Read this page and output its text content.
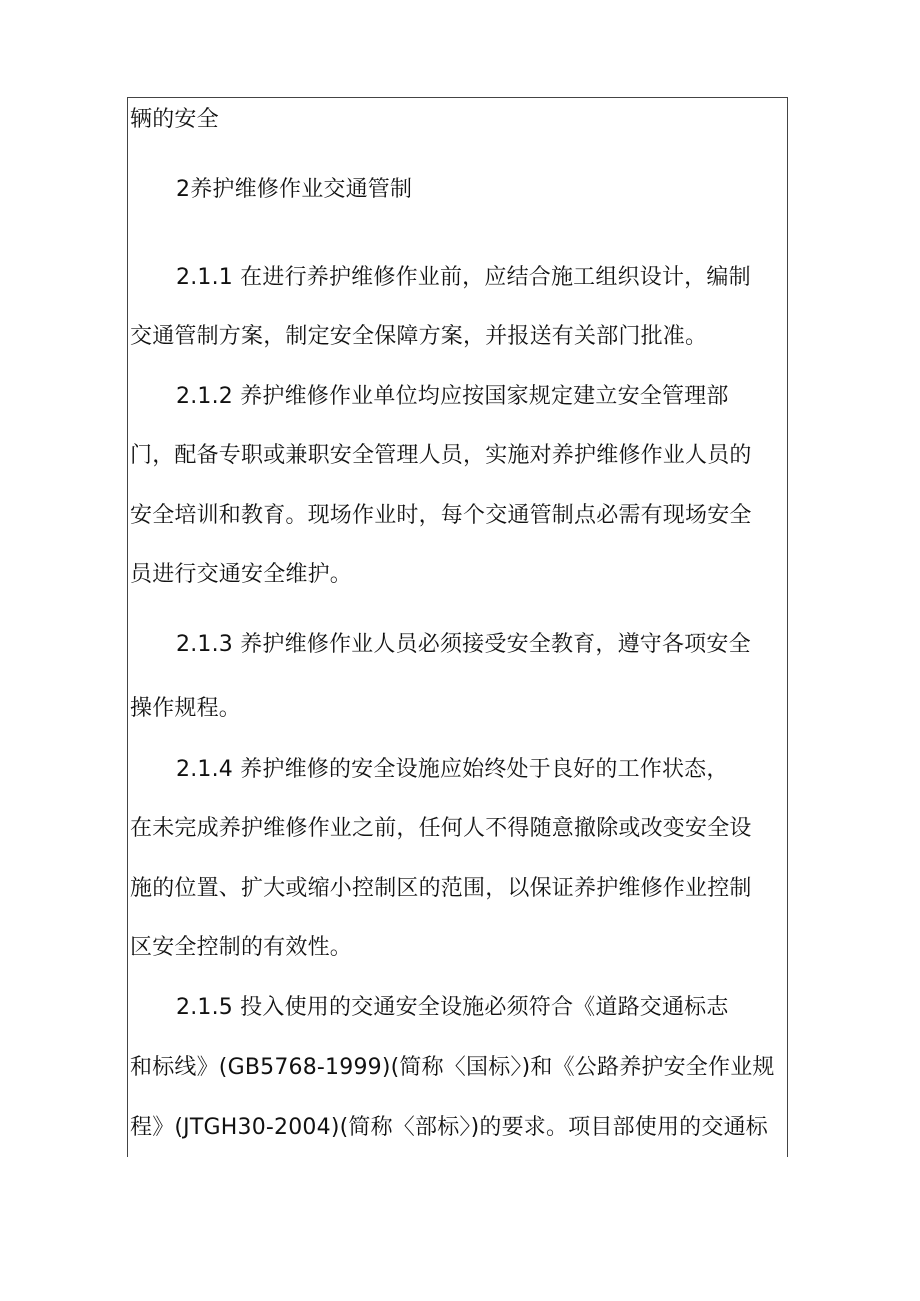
辆的安全
2养护维修作业交通管制
2.1.1 在进行养护维修作业前，应结合施工组织设计，编制
交通管制方案，制定安全保障方案，并报送有关部门批准。
2.1.2 养护维修作业单位均应按国家规定建立安全管理部
门，配备专职或兼职安全管理人员，实施对养护维修作业人员的
安全培训和教育。现场作业时，每个交通管制点必需有现场安全
员进行交通安全维护。
2.1.3 养护维修作业人员必须接受安全教育，遵守各项安全
操作规程。
2.1.4 养护维修的安全设施应始终处于良好的工作状态，
在未完成养护维修作业之前，任何人不得随意撤除或改变安全设
施的位置、扩大或缩小控制区的范围，以保证养护维修作业控制
区安全控制的有效性。
2.1.5 投入使用的交通安全设施必须符合《道路交通标志
和标线》(GB5768-1999)(简称〈国标〉)和《公路养护安全作业规
程》(JTGH30-2004)(简称〈部标〉)的要求。项目部使用的交通标
